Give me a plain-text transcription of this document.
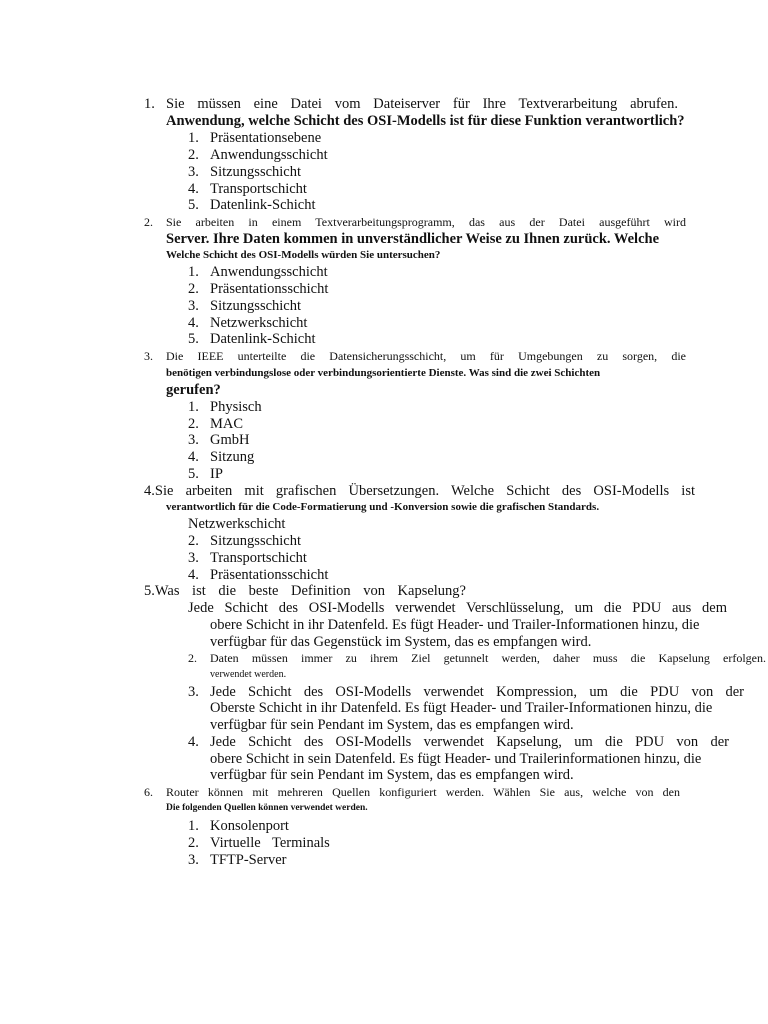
1. Sie müssen eine Datei vom Dateiserver für Ihre Textverarbeitung abrufen.
Anwendung, welche Schicht des OSI-Modells ist für diese Funktion verantwortlich?
1. Präsentationsebene
2. Anwendungsschicht
3. Sitzungsschicht
4. Transportschicht
5. Datenlink-Schicht
2. Sie arbeiten in einem Textverarbeitungsprogramm, das aus der Datei ausgeführt wird
Server. Ihre Daten kommen in unverständlicher Weise zu Ihnen zurück. Welche
Welche Schicht des OSI-Modells würden Sie untersuchen?
1. Anwendungsschicht
2. Präsentationsschicht
3. Sitzungsschicht
4. Netzwerkschicht
5. Datenlink-Schicht
3. Die IEEE unterteilte die Datensicherungsschicht, um für Umgebungen zu sorgen, die
benötigen verbindungslose oder verbindungsorientierte Dienste. Was sind die zwei Schichten
gerufen?
1. Physisch
2. MAC
3. GmbH
4. Sitzung
5. IP
4.Sie arbeiten mit grafischen Übersetzungen. Welche Schicht des OSI-Modells ist
verantwortlich für die Code-Formatierung und -Konversion sowie die grafischen Standards.
Netzwerkschicht
2. Sitzungsschicht
3. Transportschicht
4. Präsentationsschicht
5.Was ist die beste Definition von Kapselung?
Jede Schicht des OSI-Modells verwendet Verschlüsselung, um die PDU aus dem
obere Schicht in ihr Datenfeld. Es fügt Header- und Trailer-Informationen hinzu, die
verfügbar für das Gegenstück im System, das es empfangen wird.
2. Daten müssen immer zu ihrem Ziel getunnelt werden, daher muss die Kapselung erfolgen.
verwendet werden.
3. Jede Schicht des OSI-Modells verwendet Kompression, um die PDU von der
Oberste Schicht in ihr Datenfeld. Es fügt Header- und Trailer-Informationen hinzu, die
verfügbar für sein Pendant im System, das es empfangen wird.
4. Jede Schicht des OSI-Modells verwendet Kapselung, um die PDU von der
obere Schicht in sein Datenfeld. Es fügt Header- und Trailerinformationen hinzu, die
verfügbar für sein Pendant im System, das es empfangen wird.
6. Router können mit mehreren Quellen konfiguriert werden. Wählen Sie aus, welche von den
Die folgenden Quellen können verwendet werden.
1. Konsolenport
2. Virtuelle Terminals
3. TFTP-Server
